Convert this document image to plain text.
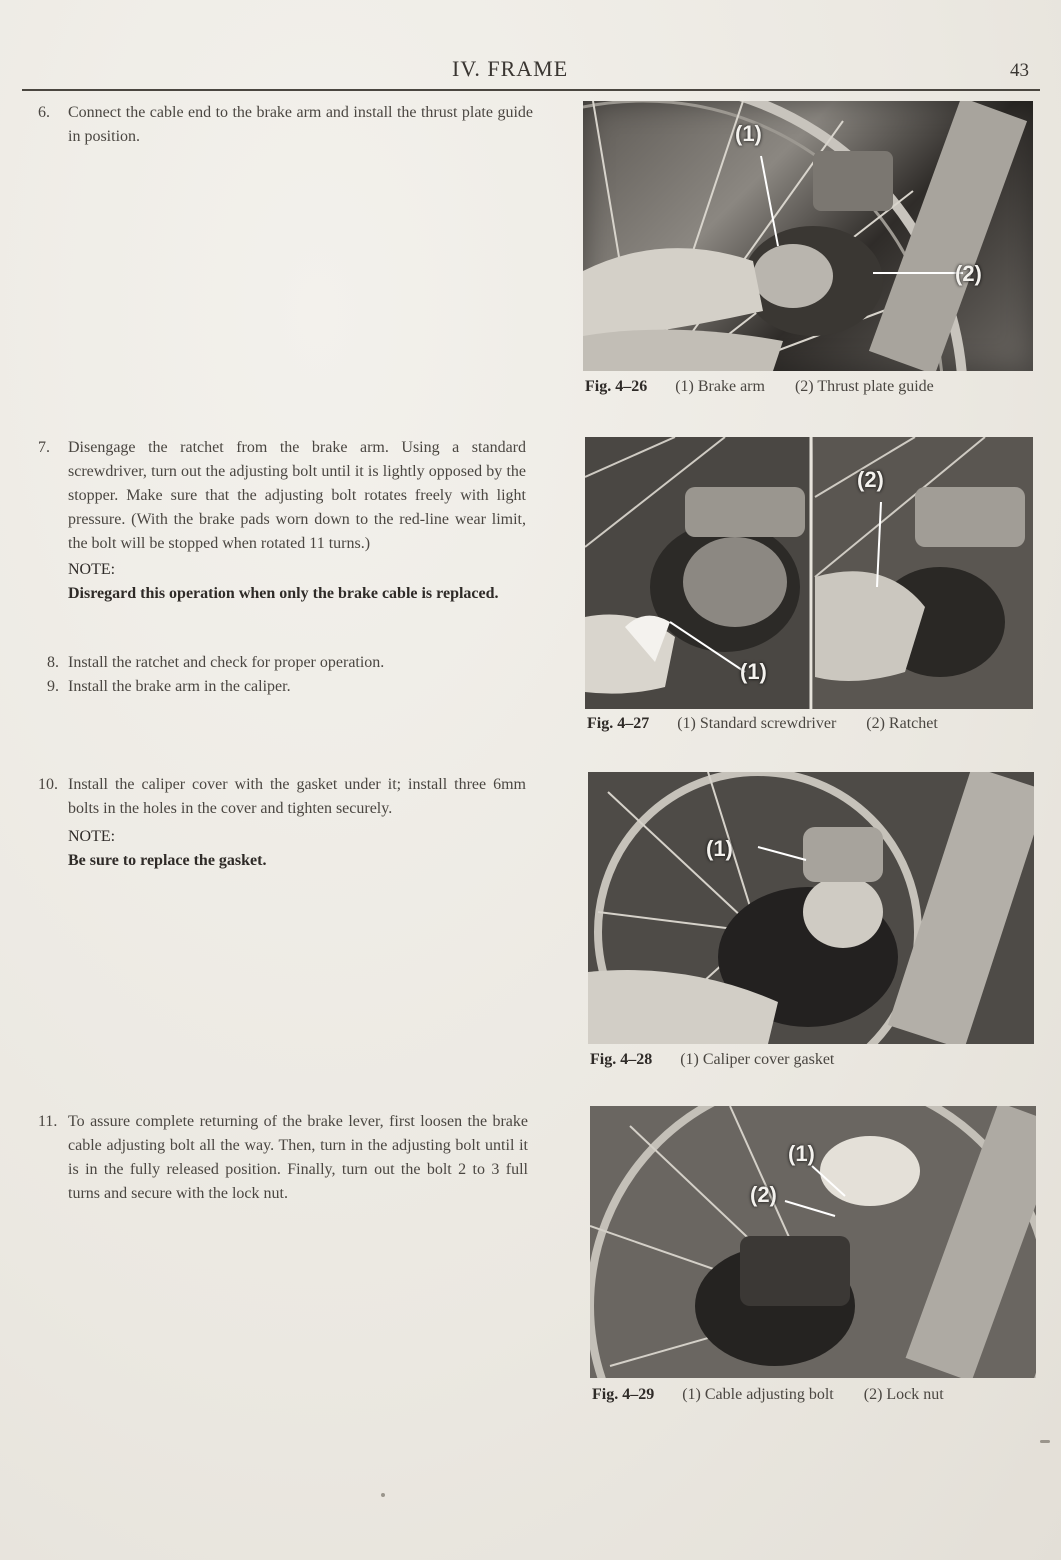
IV. FRAME	43
6. Connect the cable end to the brake arm and install the thrust plate guide in position.
7. Disengage the ratchet from the brake arm. Using a standard screwdriver, turn out the adjusting bolt until it is lightly opposed by the stopper. Make sure that the adjusting bolt rotates freely with light pressure. (With the brake pads worn down to the red-line wear limit, the bolt will be stopped when rotated 11 turns.)
NOTE:
Disregard this operation when only the brake cable is replaced.
8. Install the ratchet and check for proper operation.
9. Install the brake arm in the caliper.
10. Install the caliper cover with the gasket under it; install three 6mm bolts in the holes in the cover and tighten securely.
NOTE:
Be sure to replace the gasket.
11. To assure complete returning of the brake lever, first loosen the brake cable adjusting bolt all the way. Then, turn in the adjusting bolt until it is in the fully released position. Finally, turn out the bolt 2 to 3 full turns and secure with the lock nut.
(1)
(2)
Fig. 4–26 (1) Brake arm (2) Thrust plate guide
(2)
(1)
Fig. 4–27 (1) Standard screwdriver (2) Ratchet
(1)
Fig. 4–28 (1) Caliper cover gasket
(1)
(2)
Fig. 4–29 (1) Cable adjusting bolt (2) Lock nut
